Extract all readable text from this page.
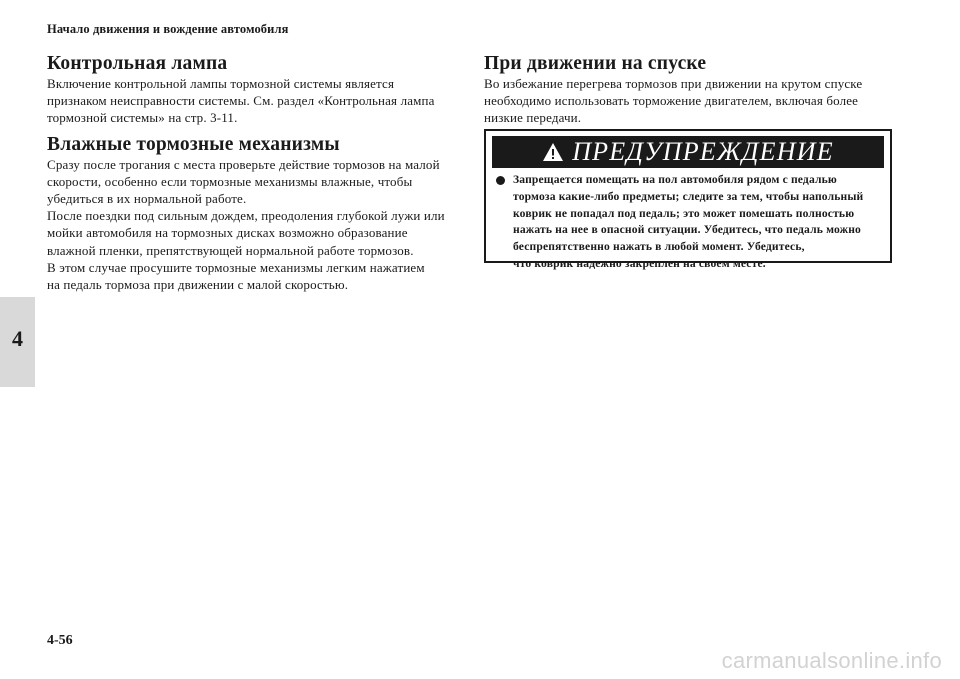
Начало движения и вождение автомобиля
4
Контрольная лампа
Включение контрольной лампы тормозной системы является
признаком неисправности системы. См. раздел «Контрольная лампа
тормозной системы» на стр. 3-11.
Влажные тормозные механизмы
Сразу после трогания с места проверьте действие тормозов на малой
скорости, особенно если тормозные механизмы влажные, чтобы
убедиться в их нормальной работе.
После поездки под сильным дождем, преодоления глубокой лужи или
мойки автомобиля на тормозных дисках возможно образование
влажной пленки, препятствующей нормальной работе тормозов.
В этом случае просушите тормозные механизмы легким нажатием
на педаль тормоза при движении с малой скоростью.
При движении на спуске
Во избежание перегрева тормозов при движении на крутом спуске
необходимо использовать торможение двигателем, включая более
низкие передачи.
ПРЕДУПРЕЖДЕНИЕ
Запрещается помещать на пол автомобиля рядом с педалью
тормоза какие-либо предметы; следите за тем, чтобы напольный
коврик не попадал под педаль; это может помешать полностью
нажать на нее в опасной ситуации. Убедитесь, что педаль можно
беспрепятственно нажать в любой момент. Убедитесь,
что коврик надежно закреплен на своем месте.
4-56
carmanualsonline.info
